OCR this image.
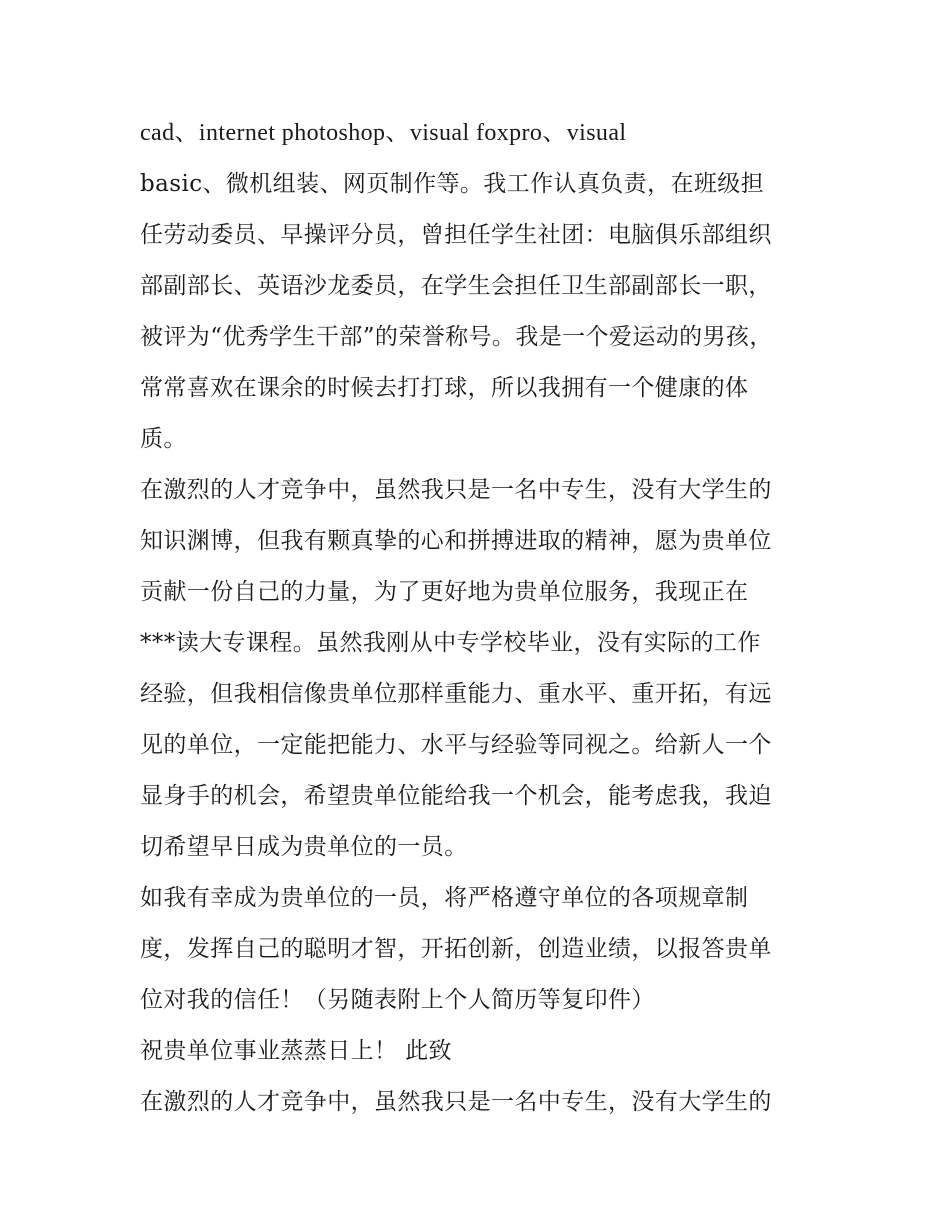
cad、internet photoshop、visual foxpro、visual
basic、微机组装、网页制作等。我工作认真负责，在班级担
任劳动委员、早操评分员，曾担任学生社团：电脑俱乐部组织
部副部长、英语沙龙委员，在学生会担任卫生部副部长一职，
被评为“优秀学生干部”的荣誉称号。我是一个爱运动的男孩，
常常喜欢在课余的时候去打打球，所以我拥有一个健康的体
质。
在激烈的人才竞争中，虽然我只是一名中专生，没有大学生的
知识渊博，但我有颗真挚的心和拼搏进取的精神，愿为贵单位
贡献一份自己的力量，为了更好地为贵单位服务，我现正在
***读大专课程。虽然我刚从中专学校毕业，没有实际的工作
经验，但我相信像贵单位那样重能力、重水平、重开拓，有远
见的单位，一定能把能力、水平与经验等同视之。给新人一个
显身手的机会，希望贵单位能给我一个机会，能考虑我，我迫
切希望早日成为贵单位的一员。
如我有幸成为贵单位的一员，将严格遵守单位的各项规章制
度，发挥自己的聪明才智，开拓创新，创造业绩，以报答贵单
位对我的信任！（另随表附上个人简历等复印件）
祝贵单位事业蒸蒸日上！ 此致
在激烈的人才竞争中，虽然我只是一名中专生，没有大学生的
